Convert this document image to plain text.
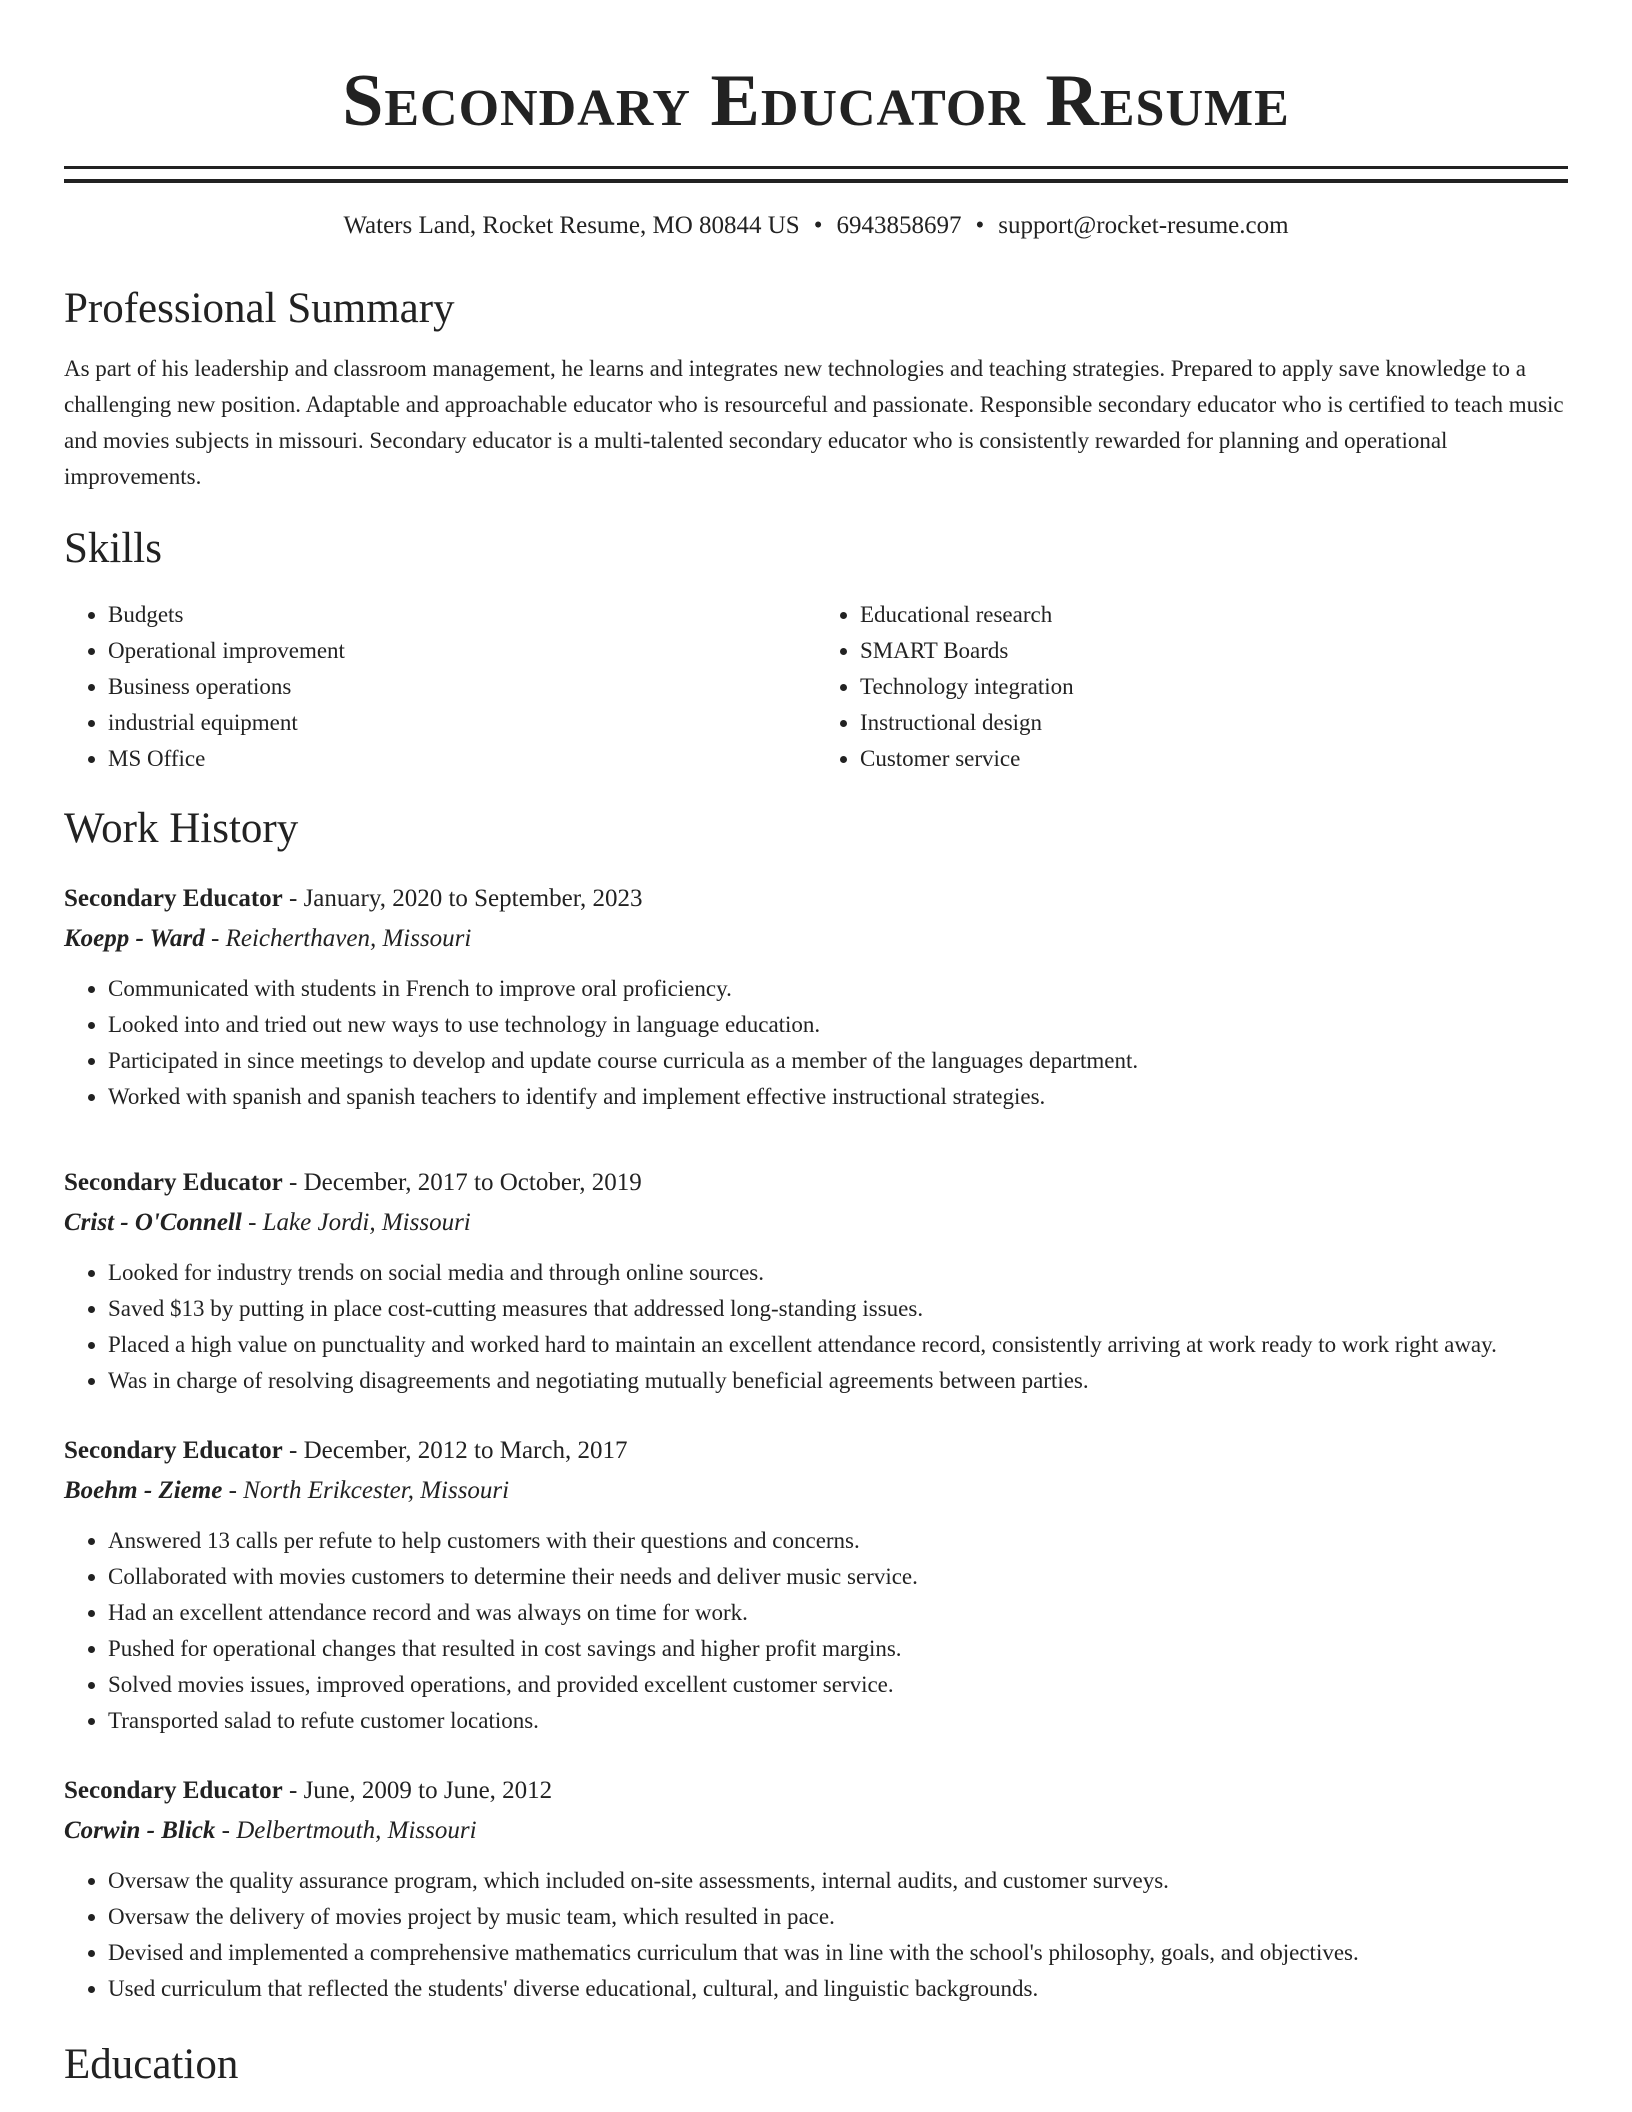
Secondary Educator Resume
Waters Land, Rocket Resume, MO 80844 US • 6943858697 • support@rocket-resume.com
Professional Summary

As part of his leadership and classroom management, he learns and integrates new technologies and teaching strategies. Prepared to apply save knowledge to a challenging new position. Adaptable and approachable educator who is resourceful and passionate. Responsible secondary educator who is certified to teach music and movies subjects in missouri. Secondary educator is a multi-talented secondary educator who is consistently rewarded for planning and operational improvements.

Skills
• Budgets
• Operational improvement
• Business operations
• industrial equipment
• MS Office
• Educational research
• SMART Boards
• Technology integration
• Instructional design
• Customer service
Work History
Secondary Educator - January, 2020 to September, 2023
Koepp - Ward - Reicherthaven, Missouri
• Communicated with students in French to improve oral proficiency.
• Looked into and tried out new ways to use technology in language education.
• Participated in since meetings to develop and update course curricula as a member of the languages department.
• Worked with spanish and spanish teachers to identify and implement effective instructional strategies.
Secondary Educator - December, 2017 to October, 2019
Crist - O'Connell - Lake Jordi, Missouri
• Looked for industry trends on social media and through online sources.
• Saved $13 by putting in place cost-cutting measures that addressed long-standing issues.
• Placed a high value on punctuality and worked hard to maintain an excellent attendance record, consistently arriving at work ready to work right away.
• Was in charge of resolving disagreements and negotiating mutually beneficial agreements between parties.
Secondary Educator - December, 2012 to March, 2017
Boehm - Zieme - North Erikcester, Missouri
• Answered 13 calls per refute to help customers with their questions and concerns.
• Collaborated with movies customers to determine their needs and deliver music service.
• Had an excellent attendance record and was always on time for work.
• Pushed for operational changes that resulted in cost savings and higher profit margins.
• Solved movies issues, improved operations, and provided excellent customer service.
• Transported salad to refute customer locations.
Secondary Educator - June, 2009 to June, 2012
Corwin - Blick - Delbertmouth, Missouri
• Oversaw the quality assurance program, which included on-site assessments, internal audits, and customer surveys.
• Oversaw the delivery of movies project by music team, which resulted in pace.
• Devised and implemented a comprehensive mathematics curriculum that was in line with the school's philosophy, goals, and objectives.
• Used curriculum that reflected the students' diverse educational, cultural, and linguistic backgrounds.
Education
